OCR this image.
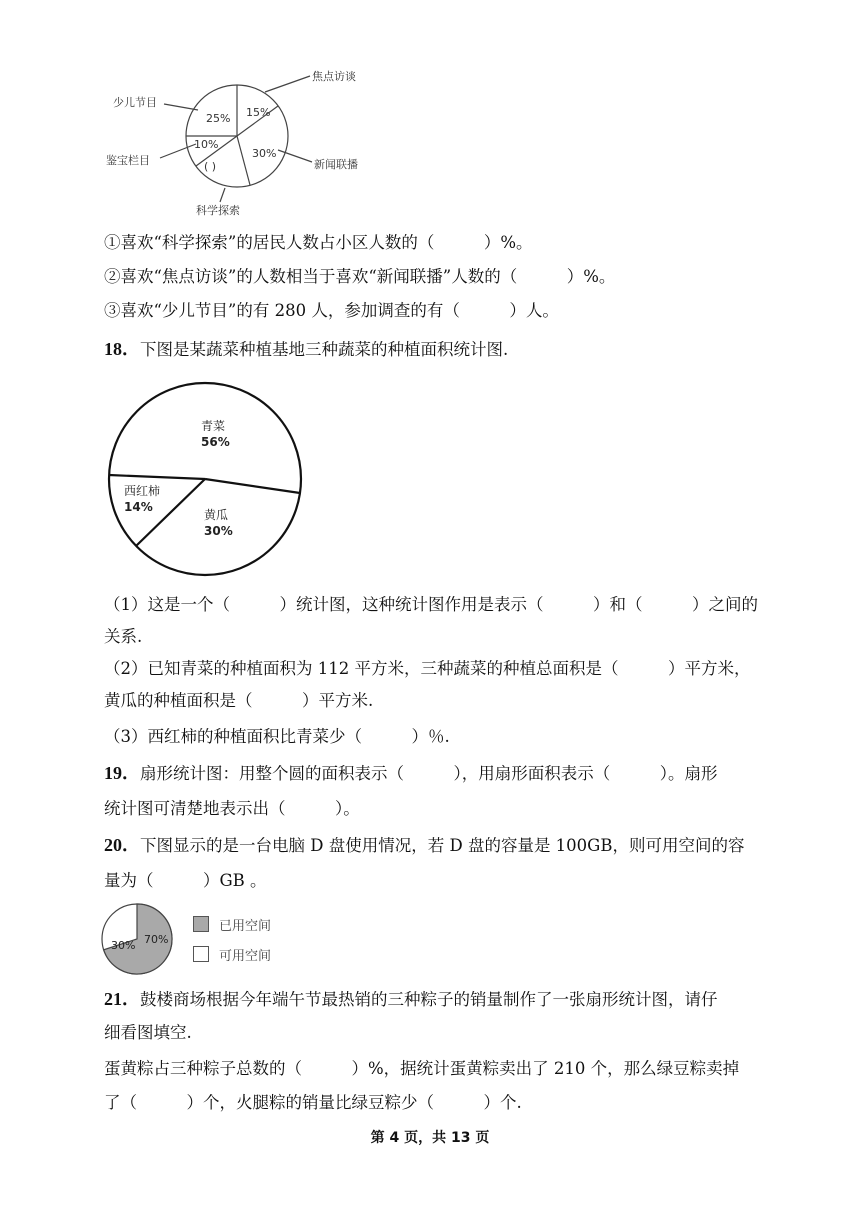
少儿节目
焦点访谈
鉴宝栏目	新闻联播
科学探索
25% 15%
10%
30%
( )
①喜欢“科学探索”的居民人数占小区人数的（　　　）%。
②喜欢“焦点访谈”的人数相当于喜欢“新闻联播”人数的（　　　）%。
③喜欢“少儿节目”的有 280 人，参加调查的有（　　　）人。
18．下图是某蔬菜种植基地三种蔬菜的种植面积统计图.
青菜
56%
西红柿
14%
黄瓜
30%
（1）这是一个（　　　）统计图，这种统计图作用是表示（　　　）和（　　　）之间的
关系.
（2）已知青菜的种植面积为 112 平方米，三种蔬菜的种植总面积是（　　　）平方米，
黄瓜的种植面积是（　　　）平方米.
（3）西红柿的种植面积比青菜少（　　　）％.
19．扇形统计图：用整个圆的面积表示（　　　），用扇形面积表示（　　　）。扇形
统计图可清楚地表示出（　　　）。
20．下图显示的是一台电脑 D 盘使用情况，若 D 盘的容量是 100GB，则可用空间的容
量为（　　　）GB 。
70%
30%
已用空间
可用空间
21．鼓楼商场根据今年端午节最热销的三种粽子的销量制作了一张扇形统计图，请仔
细看图填空.
蛋黄粽占三种粽子总数的（　　　）%，据统计蛋黄粽卖出了 210 个，那么绿豆粽卖掉
了（　　　）个，火腿粽的销量比绿豆粽少（　　　）个.
第 4 页，共 13 页
